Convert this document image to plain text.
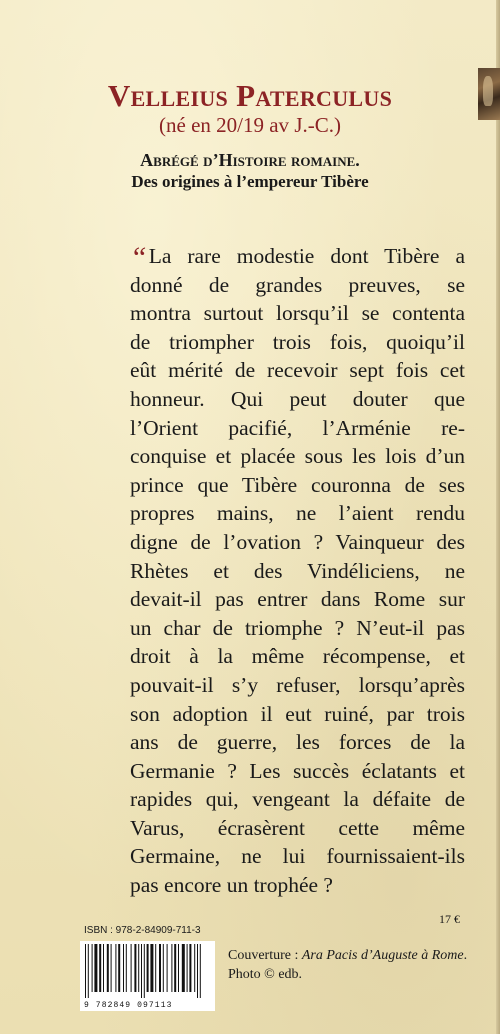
Velleius Paterculus

(né en 20/19 av J.-C.)

Abrégé d’Histoire romaine.

Des origines à l’empereur Tibère

“La rare modestie dont Tibère a
donné de grandes preuves, se
montra surtout lorsqu’il se contenta
de triompher trois fois, quoiqu’il
eût mérité de recevoir sept fois cet
honneur. Qui peut douter que
l’Orient pacifié, l’Arménie re-
conquise et placée sous les lois d’un
prince que Tibère couronna de ses
propres mains, ne l’aient rendu
digne de l’ovation ? Vainqueur des
Rhètes et des Vindéliciens, ne
devait-il pas entrer dans Rome sur
un char de triomphe ? N’eut-il pas
droit à la même récompense, et
pouvait-il s’y refuser, lorsqu’après
son adoption il eut ruiné, par trois
ans de guerre, les forces de la
Germanie ? Les succès éclatants et
rapides qui, vengeant la défaite de
Varus, écrasèrent cette même
Germaine, ne lui fournissaient-ils
pas encore un trophée ?

17 €

ISBN : 978-2-84909-711-3

9 782849 097113

Couverture : Ara Pacis d’Auguste à Rome. Photo © edb.
